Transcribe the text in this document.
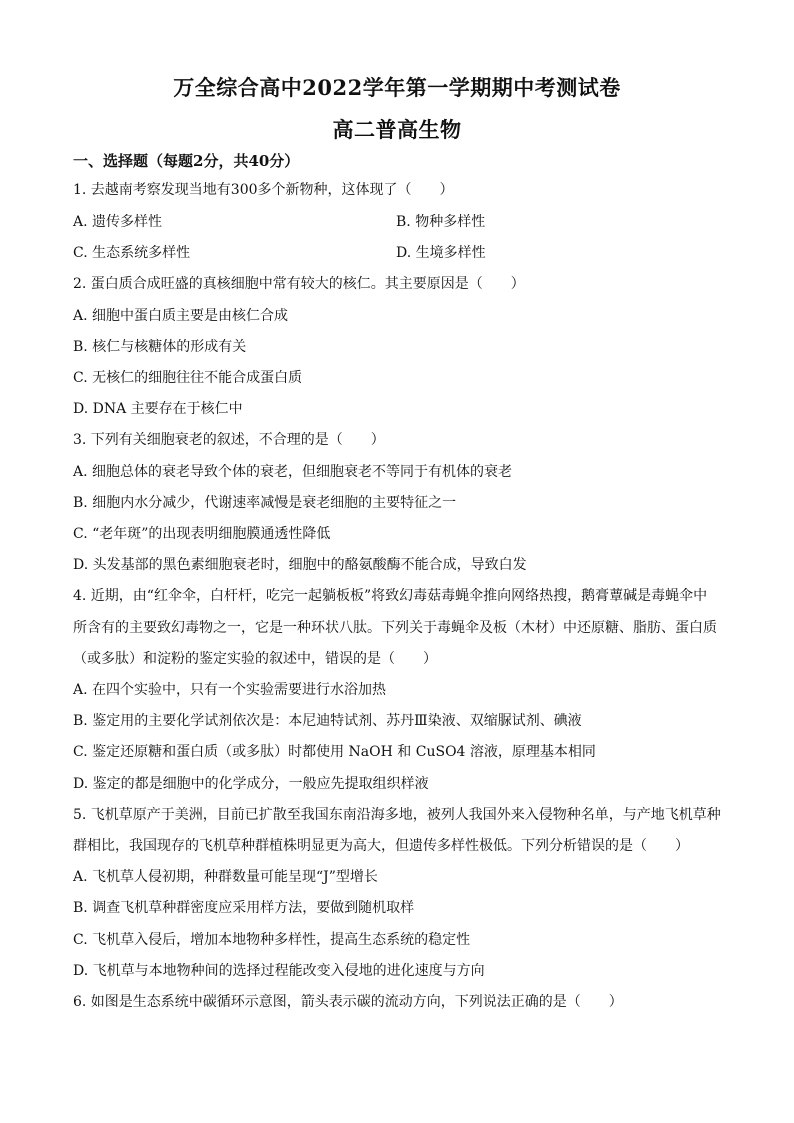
万全综合高中2022学年第一学期期中考测试卷
高二普高生物
一、选择题（每题2分，共40分）
1. 去越南考察发现当地有300多个新物种，这体现了（　　）
A. 遗传多样性	B. 物种多样性
C. 生态系统多样性	D. 生境多样性
2. 蛋白质合成旺盛的真核细胞中常有较大的核仁。其主要原因是（　　）
A. 细胞中蛋白质主要是由核仁合成
B. 核仁与核糖体的形成有关
C. 无核仁的细胞往往不能合成蛋白质
D. DNA 主要存在于核仁中
3. 下列有关细胞衰老的叙述，不合理的是（　　）
A. 细胞总体的衰老导致个体的衰老，但细胞衰老不等同于有机体的衰老
B. 细胞内水分减少，代谢速率减慢是衰老细胞的主要特征之一
C. “老年斑”的出现表明细胞膜通透性降低
D. 头发基部的黑色素细胞衰老时，细胞中的酪氨酸酶不能合成，导致白发
4. 近期，由“红伞伞，白杆杆，吃完一起躺板板”将致幻毒菇毒蝇伞推向网络热搜，鹅膏蕈碱是毒蝇伞中
所含有的主要致幻毒物之一，它是一种环状八肽。下列关于毒蝇伞及板（木材）中还原糖、脂肪、蛋白质
（或多肽）和淀粉的鉴定实验的叙述中，错误的是（　　）
A. 在四个实验中，只有一个实验需要进行水浴加热
B. 鉴定用的主要化学试剂依次是：本尼迪特试剂、苏丹Ⅲ染液、双缩脲试剂、碘液
C. 鉴定还原糖和蛋白质（或多肽）时都使用 NaOH 和 CuSO4 溶液，原理基本相同
D. 鉴定的都是细胞中的化学成分，一般应先提取组织样液
5. 飞机草原产于美洲，目前已扩散至我国东南沿海多地，被列人我国外来入侵物种名单，与产地飞机草种
群相比，我国现存的飞机草种群植株明显更为高大，但遗传多样性极低。下列分析错误的是（　　）
A. 飞机草人侵初期，种群数量可能呈现“J”型增长
B. 调查飞机草种群密度应采用样方法，要做到随机取样
C. 飞机草入侵后，增加本地物种多样性，提高生态系统的稳定性
D. 飞机草与本地物种间的选择过程能改变入侵地的进化速度与方向
6. 如图是生态系统中碳循环示意图，箭头表示碳的流动方向，下列说法正确的是（　　）
